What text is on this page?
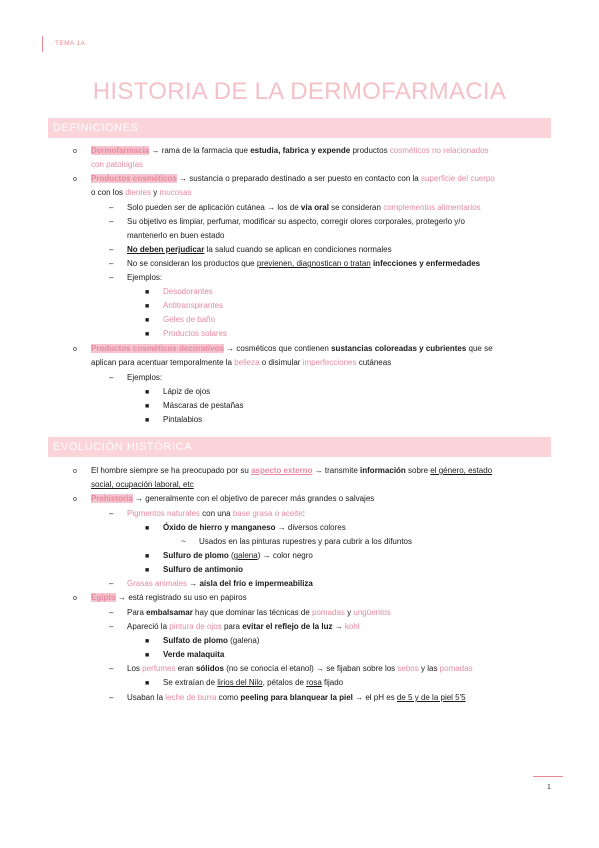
TEMA 1A
HISTORIA DE LA DERMOFARMACIA
DEFINICIONES
EVOLUCIÓN HISTÓRICA
o Dermofarmacia → rama de la farmacia que estudia, fabrica y expende productos cosméticos no relacionados
con patologías
o Productos cosméticos → sustancia o preparado destinado a ser puesto en contacto con la superficie del cuerpo
o con los dientes y mucosas
– Solo pueden ser de aplicación cutánea → los de vía oral se consideran complementos alimentarios
– Su objetivo es limpiar, perfumar, modificar su aspecto, corregir olores corporales, protegerlo y/o
mantenerlo en buen estado
– No deben perjudicar la salud cuando se aplican en condiciones normales
– No se consideran los productos que previenen, diagnostican o tratan infecciones y enfermedades
– Ejemplos:
■ Desodorantes
■ Antitranspirantes
■ Geles de baño
■ Productos solares
o Productos cosméticos decorativos → cosméticos que contienen sustancias coloreadas y cubrientes que se
aplican para acentuar temporalmente la belleza o disimular imperfecciones cutáneas
– Ejemplos:
■ Lápiz de ojos
■ Máscaras de pestañas
■ Pintalabios
o El hombre siempre se ha preocupado por su aspecto externo → transmite información sobre el género, estado
social, ocupación laboral, etc
o Prehistoria → generalmente con el objetivo de parecer más grandes o salvajes
– Pigmentos naturales con una base grasa o aceite:
■ Óxido de hierro y manganeso → diversos colores
~ Usados en las pinturas rupestres y para cubrir a los difuntos
■ Sulfuro de plomo (galena) → color negro
■ Sulfuro de antimonio
– Grasas animales → aísla del frío e impermeabiliza
o Egipto → está registrado su uso en papiros
– Para embalsamar hay que dominar las técnicas de pomadas y ungüentos
– Apareció la pintura de ojos para evitar el reflejo de la luz → kohl
■ Sulfato de plomo (galena)
■ Verde malaquita
– Los perfumes eran sólidos (no se conocía el etanol) → se fijaban sobre los sebos y las pomadas
■ Se extraían de lirios del Nilo, pétalos de rosa fijado
– Usaban la leche de burra como peeling para blanquear la piel → el pH es de 5 y de la piel 5'5
1
